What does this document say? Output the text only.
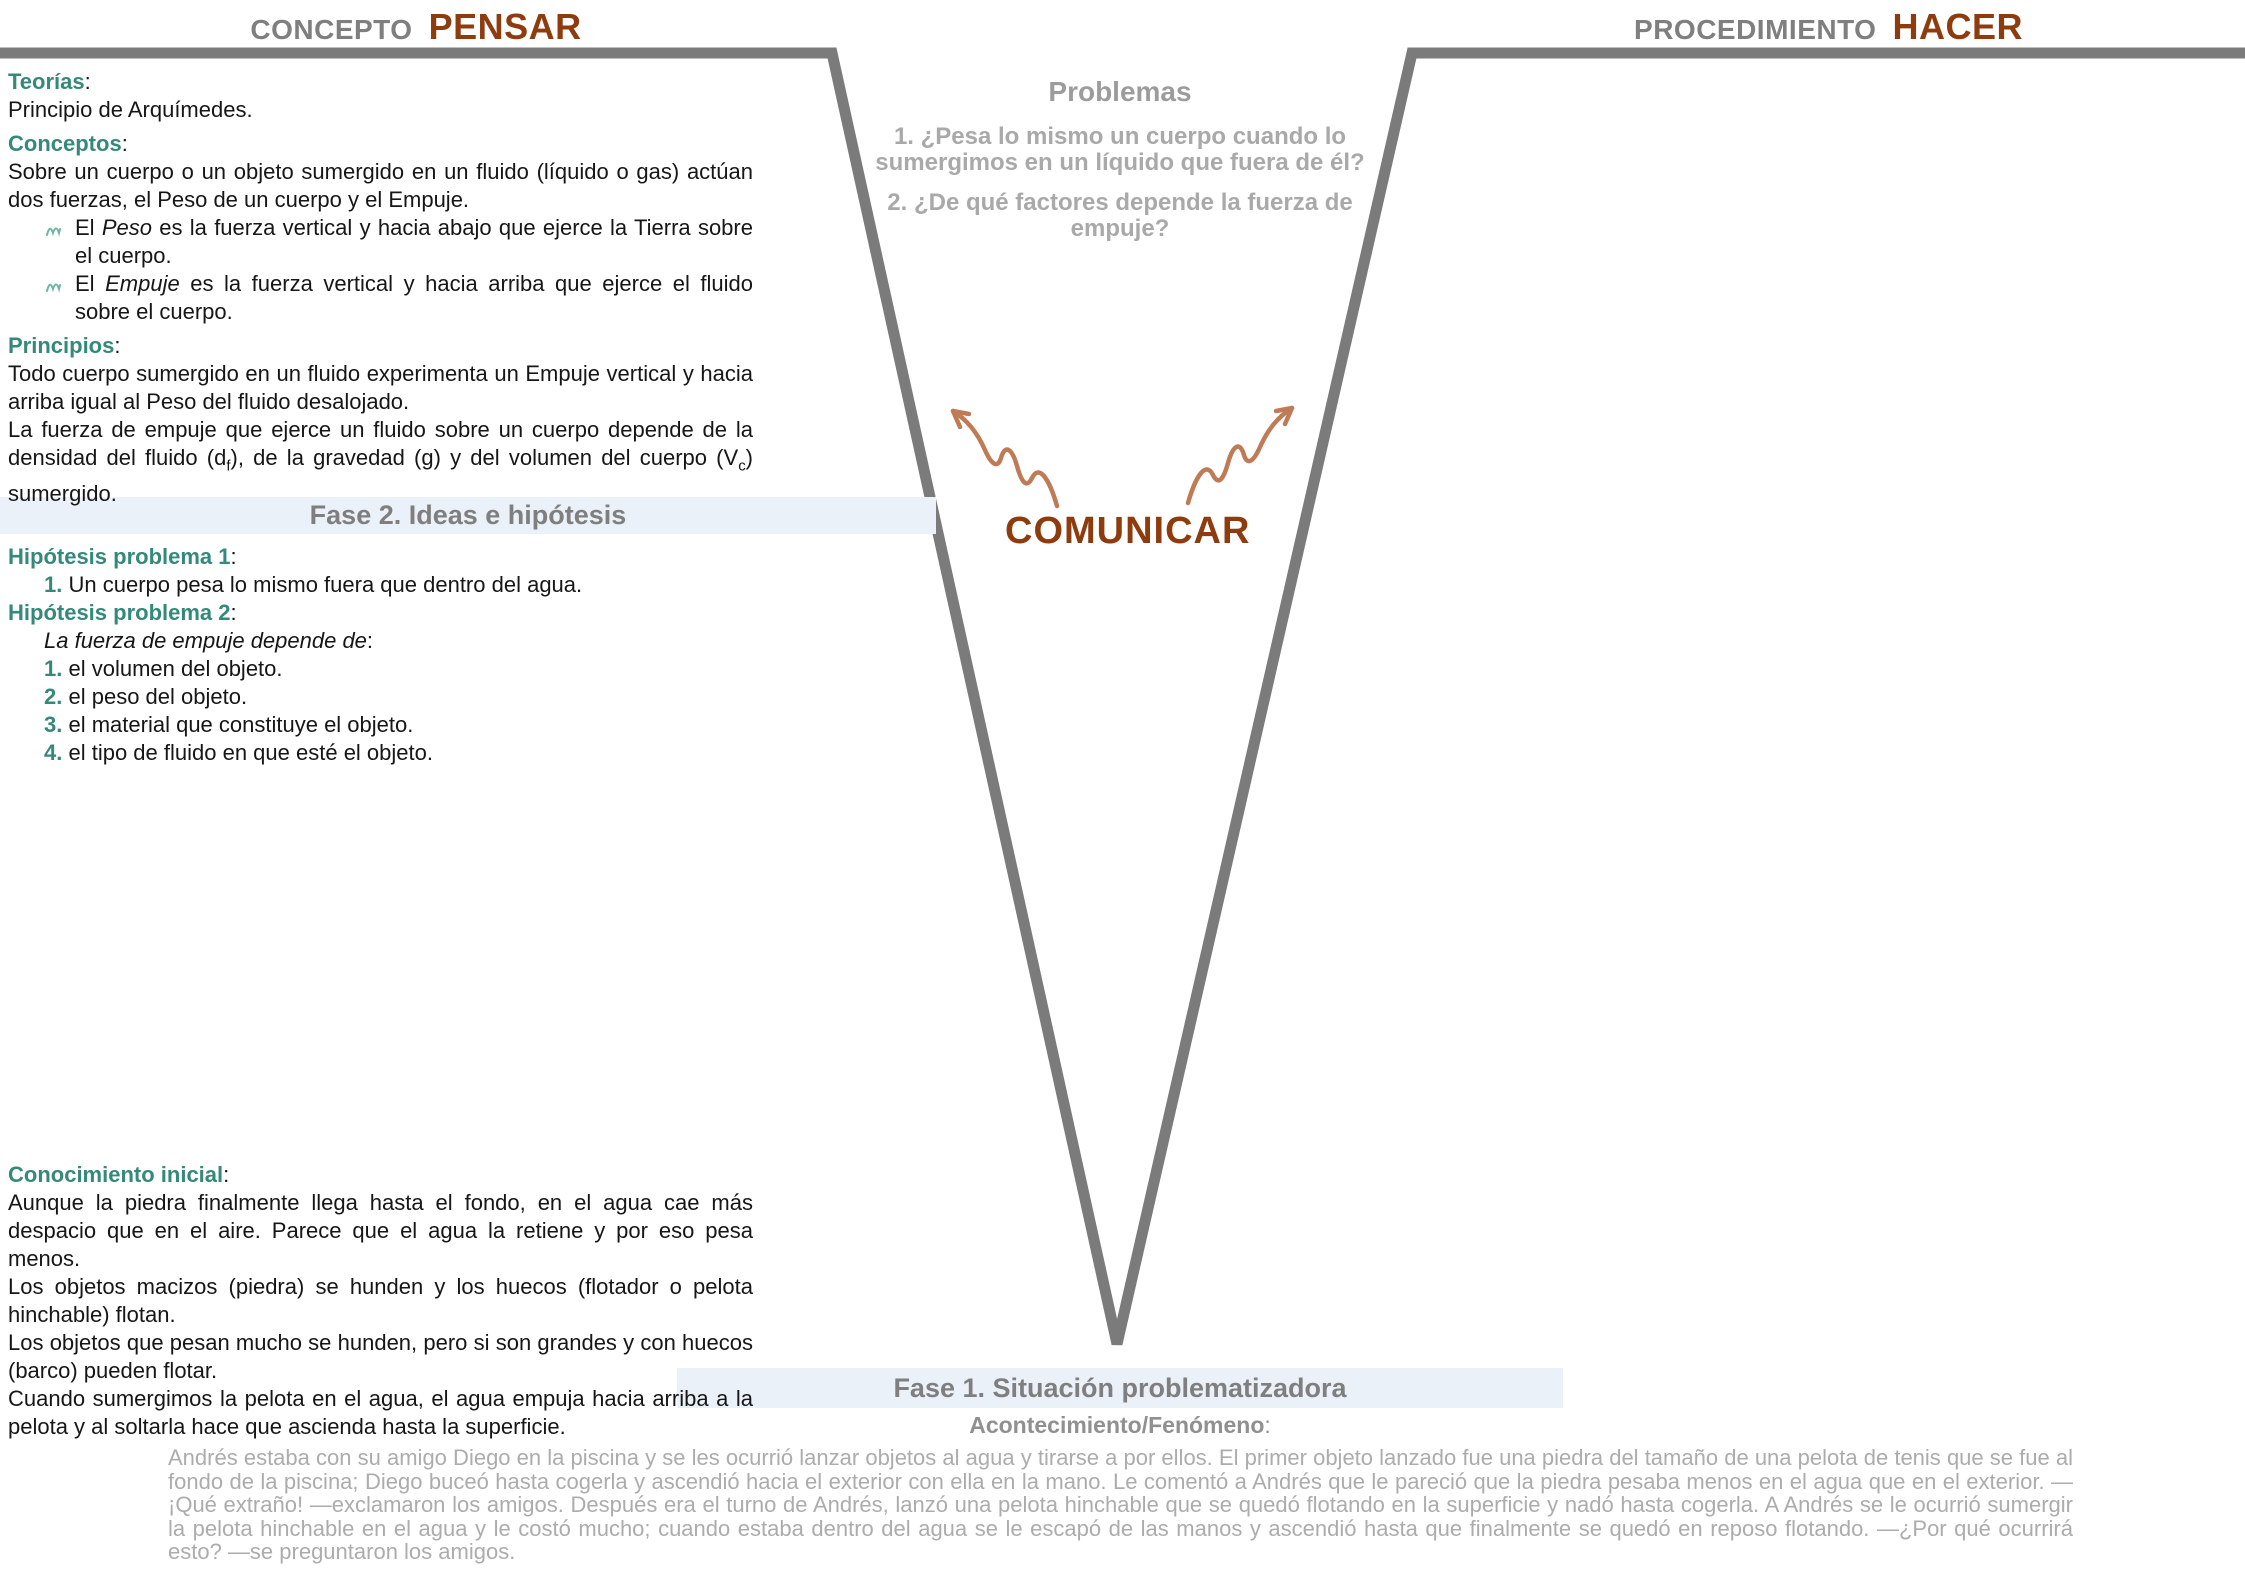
CONCEPTO PENSAR	PROCEDIMIENTO HACER
Fase 2. Ideas e hipótesis
Fase 1. Situación problematizadora

Teorías:

Principio de Arquímedes.

Conceptos:

Sobre un cuerpo o un objeto sumergido en un fluido (líquido o gas) actúan dos fuerzas, el Peso de un cuerpo y el Empuje.

El Peso es la fuerza vertical y hacia abajo que ejerce la Tierra sobre el cuerpo.

El Empuje es la fuerza vertical y hacia arriba que ejerce el fluido sobre el cuerpo.

Principios:

Todo cuerpo sumergido en un fluido experimenta un Empuje vertical y hacia arriba igual al Peso del fluido desalojado.

La fuerza de empuje que ejerce un fluido sobre un cuerpo depende de la densidad del fluido $(d_f)$, de la gravedad (g) y del volumen del cuerpo $(V_c)$ sumergido.

Hipótesis problema 1:

1. Un cuerpo pesa lo mismo fuera que dentro del agua.

Hipótesis problema 2:

La fuerza de empuje depende de:

1. el volumen del objeto.

2. el peso del objeto.

3. el material que constituye el objeto.

4. el tipo de fluido en que esté el objeto.

Conocimiento inicial:

Aunque la piedra finalmente llega hasta el fondo, en el agua cae más despacio que en el aire. Parece que el agua la retiene y por eso pesa menos.

Los objetos macizos (piedra) se hunden y los huecos (flotador o pelota hinchable) flotan.

Los objetos que pesan mucho se hunden, pero si son grandes y con huecos (barco) pueden flotar.

Cuando sumergimos la pelota en el agua, el agua empuja hacia arriba a la pelota y al soltarla hace que ascienda hasta la superficie.

Problemas

1. ¿Pesa lo mismo un cuerpo cuando lo sumergimos en un líquido que fuera de él?

2. ¿De qué factores depende la fuerza de empuje?

COMUNICAR
Acontecimiento/Fenómeno:

Andrés estaba con su amigo Diego en la piscina y se les ocurrió lanzar objetos al agua y tirarse a por ellos. El primer objeto lanzado fue una piedra del tamaño de una pelota de tenis que se fue al fondo de la piscina; Diego buceó hasta cogerla y ascendió hacia el exterior con ella en la mano. Le comentó a Andrés que le pareció que la piedra pesaba menos en el agua que en el exterior. —¡Qué extraño! —exclamaron los amigos. Después era el turno de Andrés, lanzó una pelota hinchable que se quedó flotando en la superficie y nadó hasta cogerla. A Andrés se le ocurrió sumergir la pelota hinchable en el agua y le costó mucho; cuando estaba dentro del agua se le escapó de las manos y ascendió hasta que finalmente se quedó en reposo flotando. —¿Por qué ocurrirá esto? —se preguntaron los amigos.
